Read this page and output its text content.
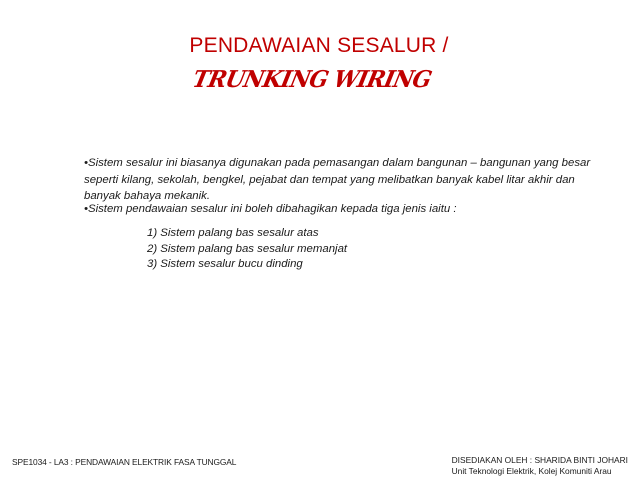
PENDAWAIAN SESALUR /
TRUNKING WIRING
•Sistem sesalur ini biasanya digunakan pada pemasangan dalam bangunan – bangunan yang besar seperti kilang, sekolah, bengkel, pejabat dan tempat yang melibatkan banyak kabel litar akhir dan banyak bahaya mekanik.
•Sistem pendawaian sesalur ini boleh dibahagikan kepada tiga jenis iaitu :
1) Sistem palang bas sesalur atas
2) Sistem palang bas sesalur memanjat
3) Sistem sesalur bucu dinding
SPE1034 - LA3 : PENDAWAIAN ELEKTRIK FASA TUNGGAL	DISEDIAKAN OLEH : SHARIDA BINTI JOHARI
Unit Teknologi Elektrik, Kolej Komuniti Arau
